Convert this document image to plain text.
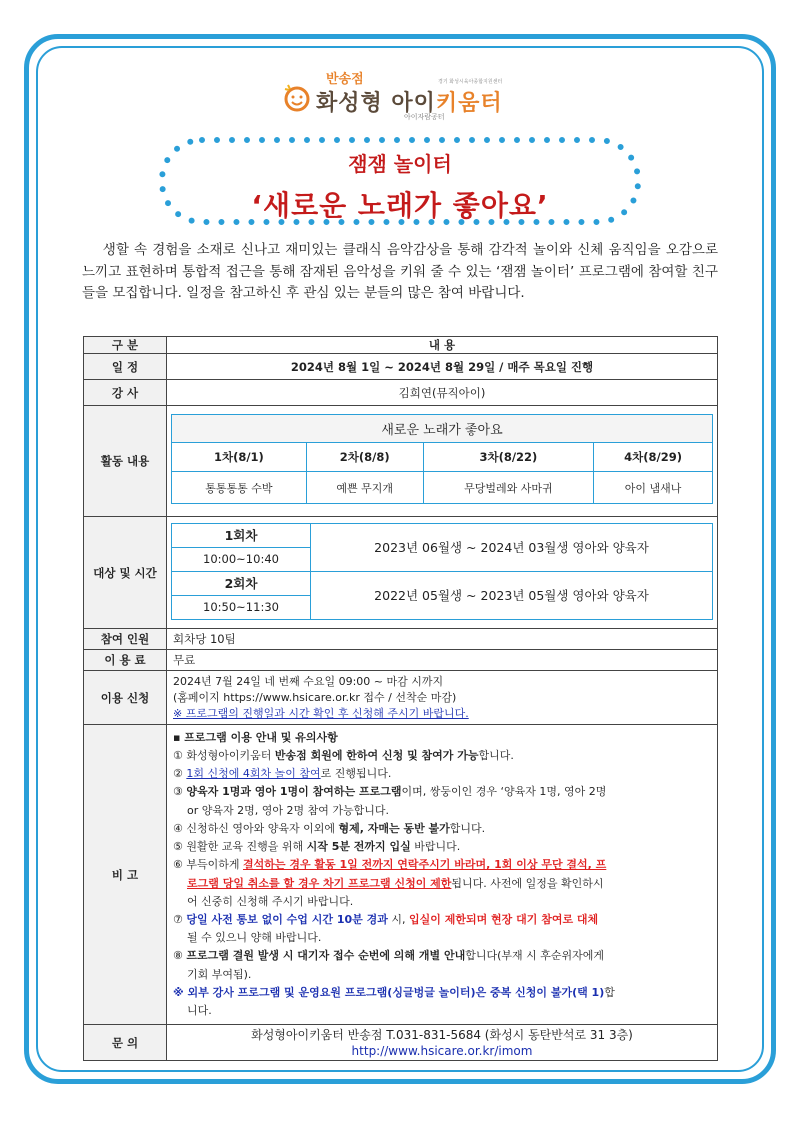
반송점
화성형 아이키움터
아이자람공터
경기 화성시육아종합지원센터
잼잼 놀이터
‘새로운 노래가 좋아요’
생할 속 경험을 소재로 신나고 재미있는 클래식 음악감상을 통해 감각적 놀이와 신체 움직임을 오감으로 느끼고 표현하며 통합적 접근을 통해 잠재된 음악성을 키워 줄 수 있는 ‘잼잼 놀이터’ 프로그램에 참여할 친구들을 모집합니다. 일정을 참고하신 후 관심 있는 분들의 많은 참여 바랍니다.
구 분	내 용
일 정	2024년 8월 1일 ~ 2024년 8월 29일 / 매주 목요일 진행
강 사	김희연(뮤직아이)
활동 내용	
새로운 노래가 좋아요
1차(8/1)	2차(8/8)	3차(8/22)	4차(8/29)
통통통통 수박	예쁜 무지개	무당벌레와 사마귀	아이 냄새나

대상 및 시간	
1회차	2023년 06월생 ~ 2024년 03월생 영아와 양육자
10:00~10:40
2회차	2022년 05월생 ~ 2023년 05월생 영아와 양육자
10:50~11:30

참여 인원	회차당 10팀
이 용 료	무료
이용 신청	
2024년 7월 24일 네 번째 수요일 09:00 ~ 마감 시까지
(홈페이지 https://www.hsicare.or.kr 접수 / 선착순 마감)
※ 프로그램의 진행일과 시간 확인 후 신청해 주시기 바랍니다.

비 고	
▪ 프로그램 이용 안내 및 유의사항
① 화성형아이키움터 반송점 회원에 한하여 신청 및 참여가 가능합니다.
② 1회 신청에 4회차 놀이 참여로 진행됩니다.
③ 양육자 1명과 영아 1명이 참여하는 프로그램이며, 쌍둥이인 경우 ‘양육자 1명, 영아 2명
or 양육자 2명, 영아 2명 참여 가능합니다.
④ 신청하신 영아와 양육자 이외에 형제, 자매는 동반 불가합니다.
⑤ 원활한 교육 진행을 위해 시작 5분 전까지 입실 바랍니다.
⑥ 부득이하게 결석하는 경우 활동 1일 전까지 연락주시기 바라며, 1회 이상 무단 결석, 프
로그램 당일 취소를 할 경우 차기 프로그램 신청이 제한됩니다. 사전에 일정을 확인하시
어 신중히 신청해 주시기 바랍니다.
⑦ 당일 사전 통보 없이 수업 시간 10분 경과 시, 입실이 제한되며 현장 대기 참여로 대체
될 수 있으니 양해 바랍니다.
⑧ 프로그램 결원 발생 시 대기자 접수 순번에 의해 개별 안내합니다(부재 시 후순위자에게
기회 부여됨).
※ 외부 강사 프로그램 및 운영요원 프로그램(싱글벙글 놀이터)은 중복 신청이 불가(택 1)합
니다.

문 의	
화성형아이키움터 반송점 T.031-831-5684 (화성시 동탄반석로 31 3층)
http://www.hsicare.or.kr/imom
